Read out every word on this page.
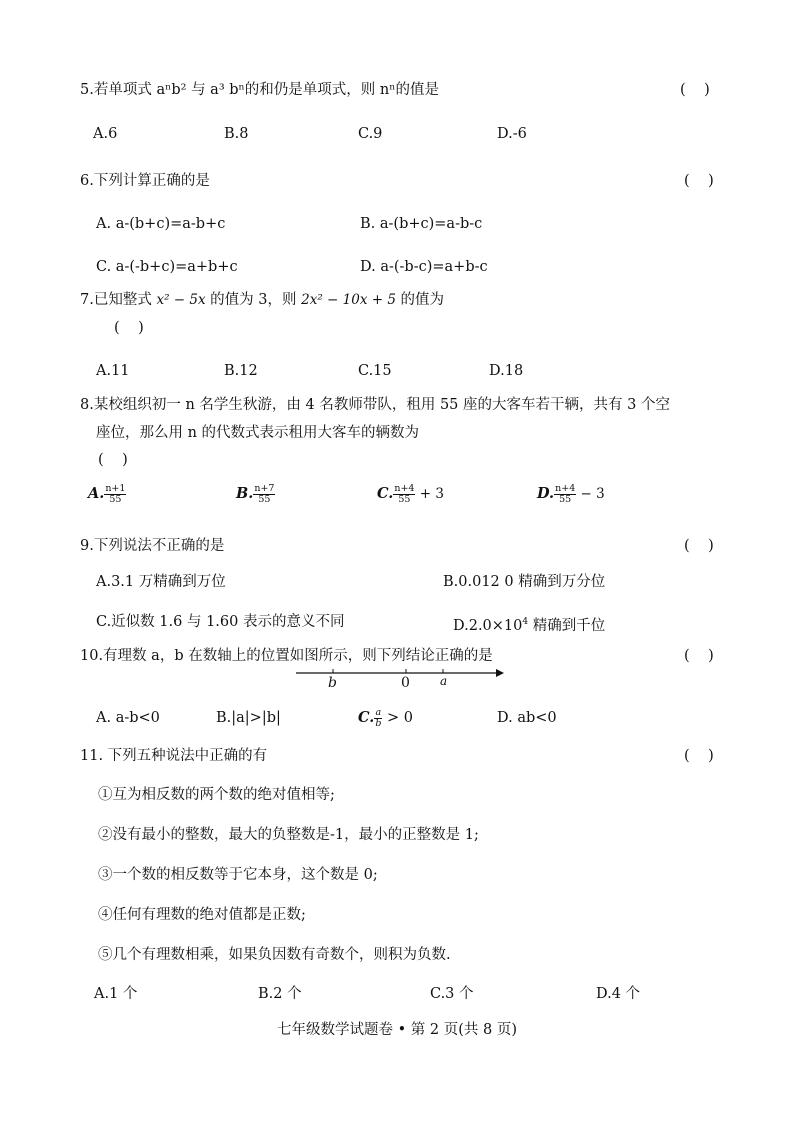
5.若单项式 aⁿb² 与 a³ bⁿ的和仍是单项式，则 nⁿ的值是	(    )
A.6	B.8	C.9	D.-6
6.下列计算正确的是	(    )
A. a-(b+c)=a-b+c	B. a-(b+c)=a-b-c
C. a-(-b+c)=a+b+c	D. a-(-b-c)=a+b-c
7.已知整式 x² − 5x 的值为 3，则 2x² − 10x + 5 的值为
(    )
A.11	B.12	C.15	D.18
8.某校组织初一 n 名学生秋游，由 4 名教师带队，租用 55 座的大客车若干辆，共有 3 个空
座位，那么用 n 的代数式表示租用大客车的辆数为
(    )
A. $\frac{n+1}{55}$	B. $\frac{n+7}{55}$	C. $\frac{n+4}{55} + 3$	D. $\frac{n+4}{55} - 3$
9.下列说法不正确的是	(    )
A.3.1 万精确到万位	B.0.012 0 精确到万分位
C.近似数 1.6 与 1.60 表示的意义不同	$D.2.0\times 10^4$ 精确到千位
10.有理数 a，b 在数轴上的位置如图所示，则下列结论正确的是	(    )
b	0	a
A. a-b<0	B.|a|>|b|	C. $\frac{a}{b} > 0$	D. ab<0
11. 下列五种说法中正确的有	(    )
①互为相反数的两个数的绝对值相等;
②没有最小的整数，最大的负整数是-1，最小的正整数是 1;
③一个数的相反数等于它本身，这个数是 0;
④任何有理数的绝对值都是正数;
⑤几个有理数相乘，如果负因数有奇数个，则积为负数.
A.1 个	B.2 个	C.3 个	D.4 个
七年级数学试题卷 • 第 2 页(共 8 页)
